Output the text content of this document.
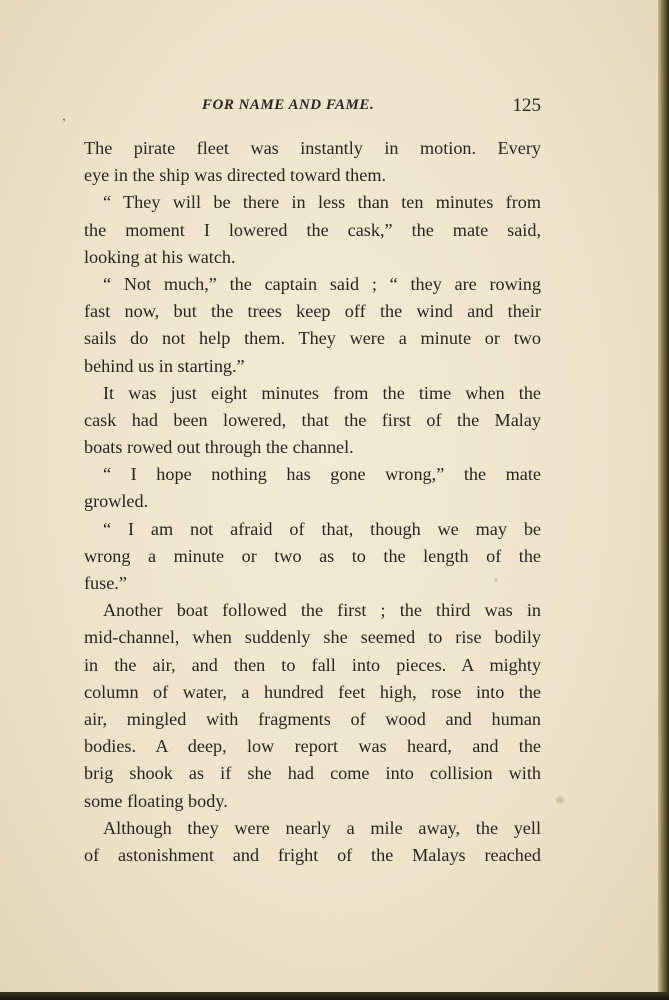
‚
FOR NAME AND FAME.	125
The pirate fleet was instantly in motion. Every
eye in the ship was directed toward them.
“ They will be there in less than ten minutes from
the moment I lowered the cask,” the mate said,
looking at his watch.
“ Not much,” the captain said ; “ they are rowing
fast now, but the trees keep off the wind and their
sails do not help them. They were a minute or two
behind us in starting.”
It was just eight minutes from the time when the
cask had been lowered, that the first of the Malay
boats rowed out through the channel.
“ I hope nothing has gone wrong,” the mate
growled.
“ I am not afraid of that, though we may be
wrong a minute or two as to the length of the
fuse.”
Another boat followed the first ; the third was in
mid-channel, when suddenly she seemed to rise bodily
in the air, and then to fall into pieces. A mighty
column of water, a hundred feet high, rose into the
air, mingled with fragments of wood and human
bodies. A deep, low report was heard, and the
brig shook as if she had come into collision with
some floating body.
Although they were nearly a mile away, the yell
of astonishment and fright of the Malays reached
